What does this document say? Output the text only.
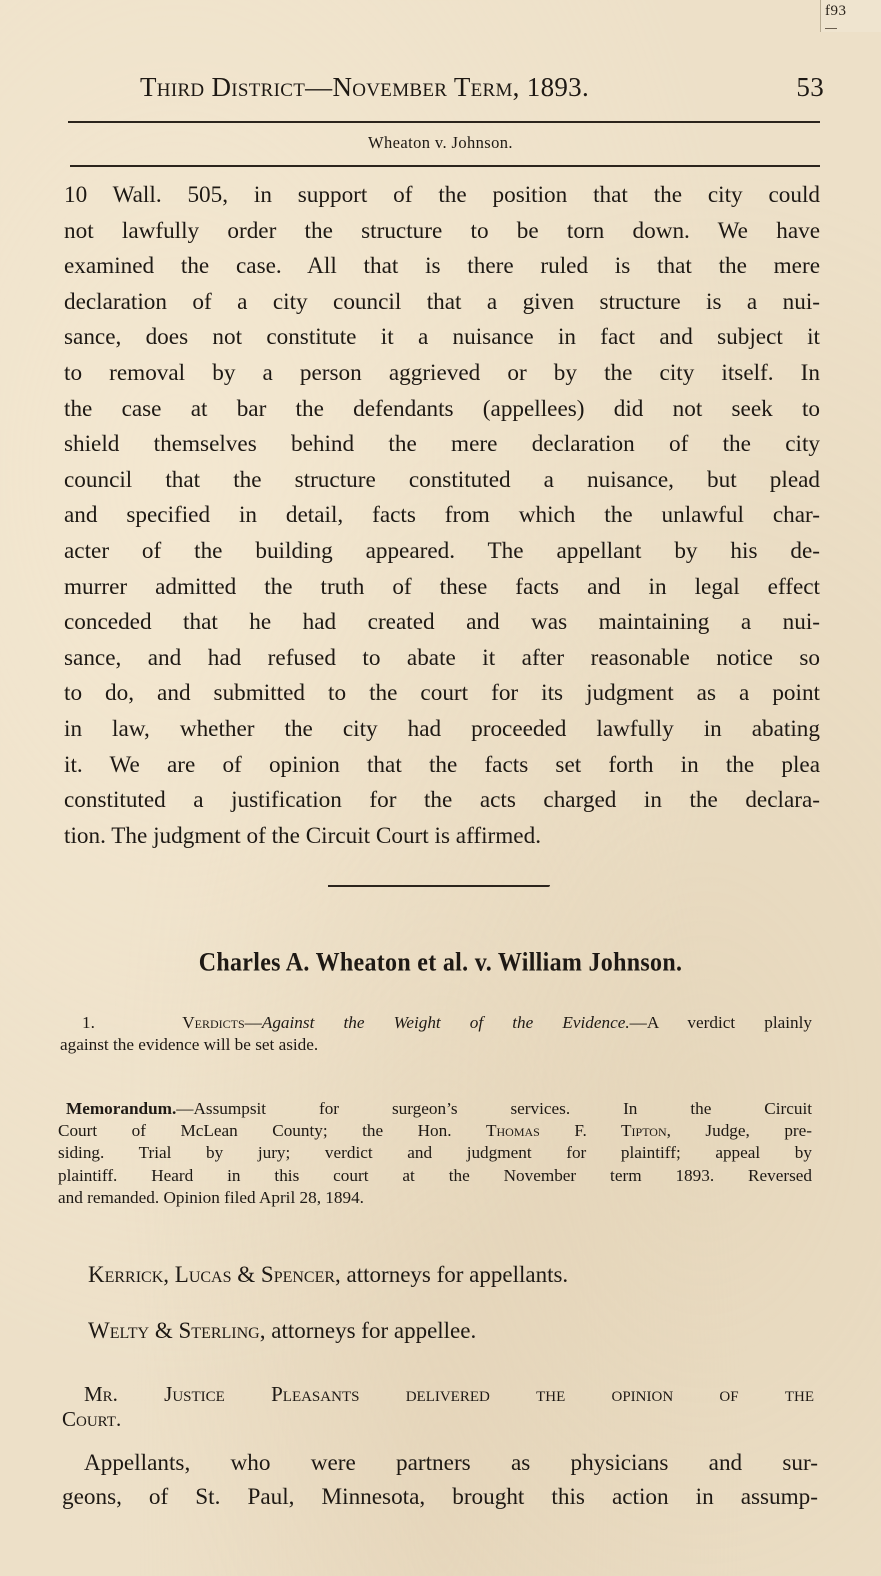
f93
Third District—November Term, 1893.	53
Wheaton v. Johnson.
10 Wall. 505, in support of the position that the city could
not lawfully order the structure to be torn down. We have
examined the case. All that is there ruled is that the mere
declaration of a city council that a given structure is a nui-
sance, does not constitute it a nuisance in fact and subject it
to removal by a person aggrieved or by the city itself. In
the case at bar the defendants (appellees) did not seek to
shield themselves behind the mere declaration of the city
council that the structure constituted a nuisance, but plead
and specified in detail, facts from which the unlawful char-
acter of the building appeared. The appellant by his de-
murrer admitted the truth of these facts and in legal effect
conceded that he had created and was maintaining a nui-
sance, and had refused to abate it after reasonable notice so
to do, and submitted to the court for its judgment as a point
in law, whether the city had proceeded lawfully in abating
it. We are of opinion that the facts set forth in the plea
constituted a justification for the acts charged in the declara-
tion. The judgment of the Circuit Court is affirmed.
Charles A. Wheaton et al. v. William Johnson.
1.	Verdicts—Against the Weight of the Evidence.—A verdict plainly
against the evidence will be set aside.
Memorandum.—Assumpsit for surgeon’s services. In the Circuit
Court of McLean County; the Hon. Thomas F. Tipton, Judge, pre-
siding. Trial by jury; verdict and judgment for plaintiff; appeal by
plaintiff. Heard in this court at the November term 1893. Reversed
and remanded. Opinion filed April 28, 1894.
Kerrick, Lucas & Spencer, attorneys for appellants.
Welty & Sterling, attorneys for appellee.
Mr. Justice Pleasants delivered the opinion of the
Court.
Appellants, who were partners as physicians and sur-
geons, of St. Paul, Minnesota, brought this action in assump-
